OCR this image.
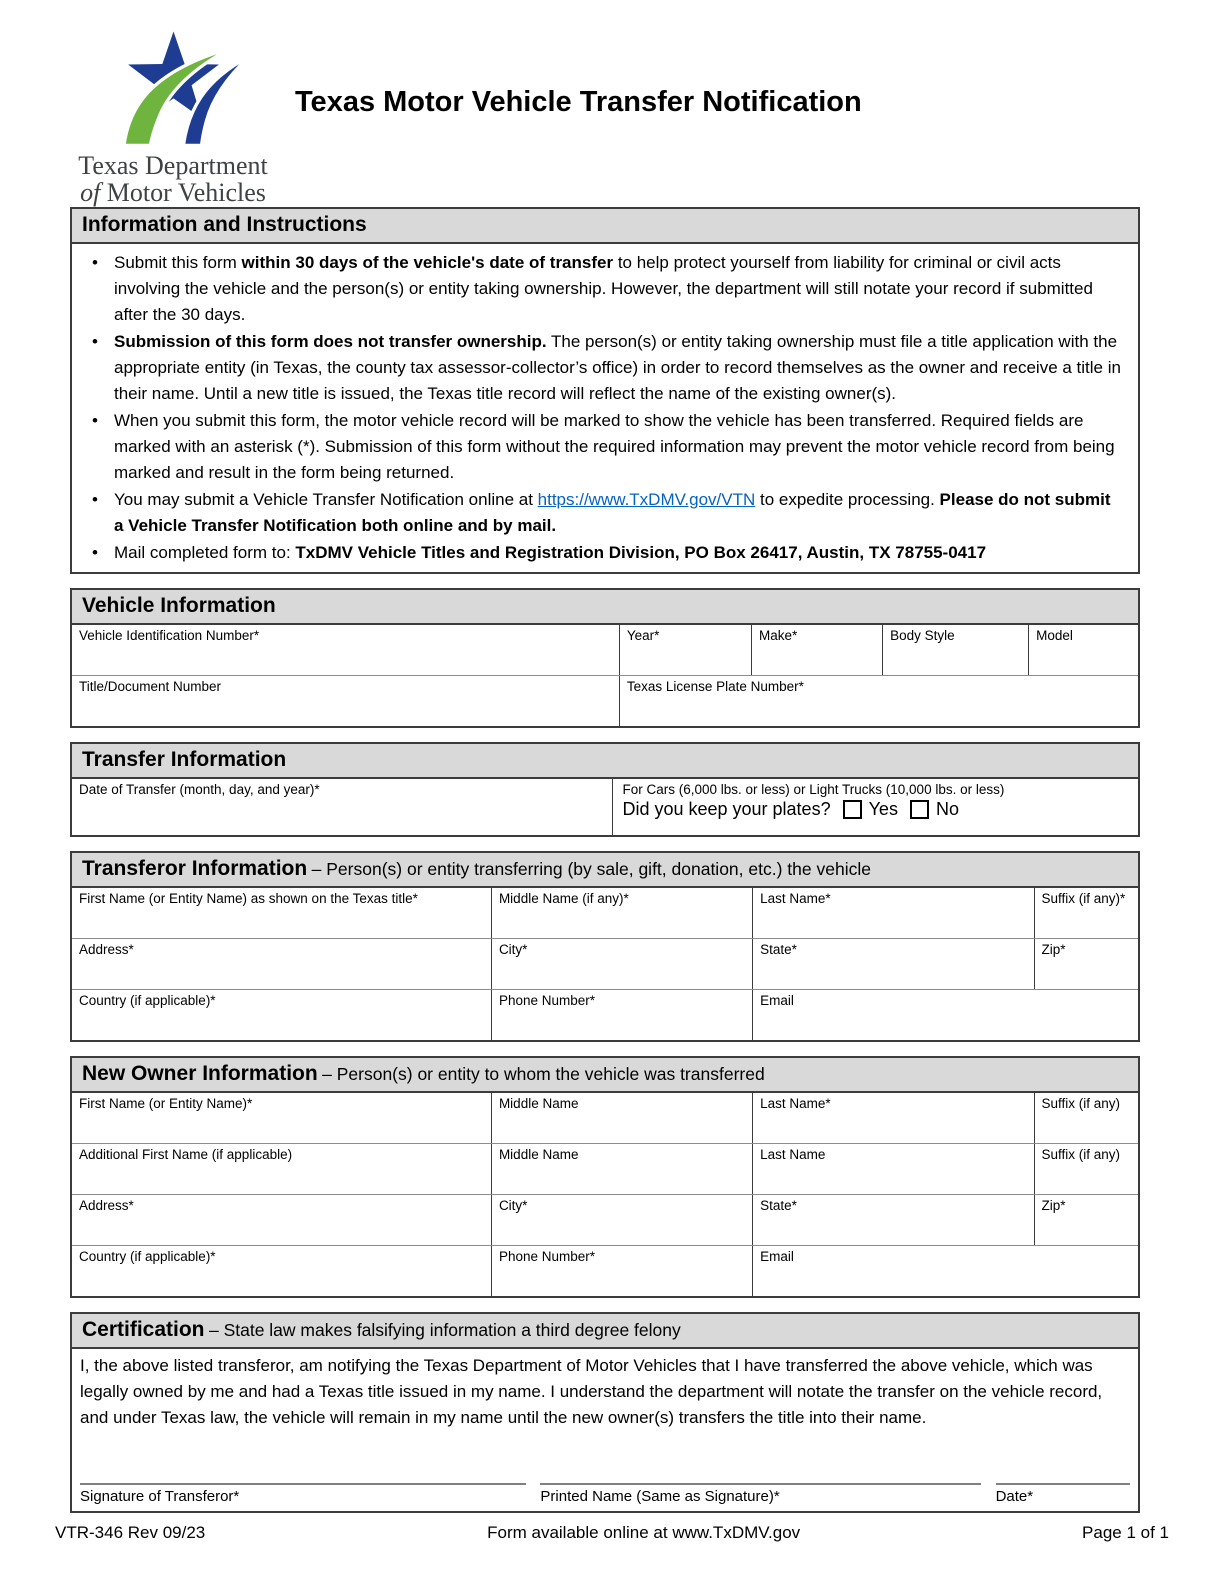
Texas Department
of Motor Vehicles
Texas Motor Vehicle Transfer Notification
Information and Instructions
• Submit this form within 30 days of the vehicle's date of transfer to help protect yourself from liability for criminal or civil acts involving the vehicle and the person(s) or entity taking ownership. However, the department will still notate your record if submitted after the 30 days.
• Submission of this form does not transfer ownership. The person(s) or entity taking ownership must file a title application with the appropriate entity (in Texas, the county tax assessor-collector’s office) in order to record themselves as the owner and receive a title in their name. Until a new title is issued, the Texas title record will reflect the name of the existing owner(s).
• When you submit this form, the motor vehicle record will be marked to show the vehicle has been transferred. Required fields are marked with an asterisk (*). Submission of this form without the required information may prevent the motor vehicle record from being marked and result in the form being returned.
• You may submit a Vehicle Transfer Notification online at https://www.TxDMV.gov/VTN to expedite processing. Please do not submit a Vehicle Transfer Notification both online and by mail.
• Mail completed form to: TxDMV Vehicle Titles and Registration Division, PO Box 26417, Austin, TX 78755-0417
Vehicle Information
Vehicle Identification Number*	Year*	Make*	Body Style	Model
Title/Document Number	Texas License Plate Number*
Transfer Information
Date of Transfer (month, day, and year)*	For Cars (6,000 lbs. or less) or Light Trucks (10,000 lbs. or less)
Did you keep your plates? Yes No
Transferor Information – Person(s) or entity transferring (by sale, gift, donation, etc.) the vehicle
First Name (or Entity Name) as shown on the Texas title*	Middle Name (if any)*	Last Name*	Suffix (if any)*
Address*	City*	State*	Zip*
Country (if applicable)*	Phone Number*	Email
New Owner Information – Person(s) or entity to whom the vehicle was transferred
First Name (or Entity Name)*	Middle Name	Last Name*	Suffix (if any)
Additional First Name (if applicable)	Middle Name	Last Name	Suffix (if any)
Address*	City*	State*	Zip*
Country (if applicable)*	Phone Number*	Email
Certification – State law makes falsifying information a third degree felony
I, the above listed transferor, am notifying the Texas Department of Motor Vehicles that I have transferred the above vehicle, which was legally owned by me and had a Texas title issued in my name. I understand the department will notate the transfer on the vehicle record, and under Texas law, the vehicle will remain in my name until the new owner(s) transfers the title into their name.
Signature of Transferor*	Printed Name (Same as Signature)*	Date*
VTR-346 Rev 09/23	Form available online at www.TxDMV.gov	Page 1 of 1
